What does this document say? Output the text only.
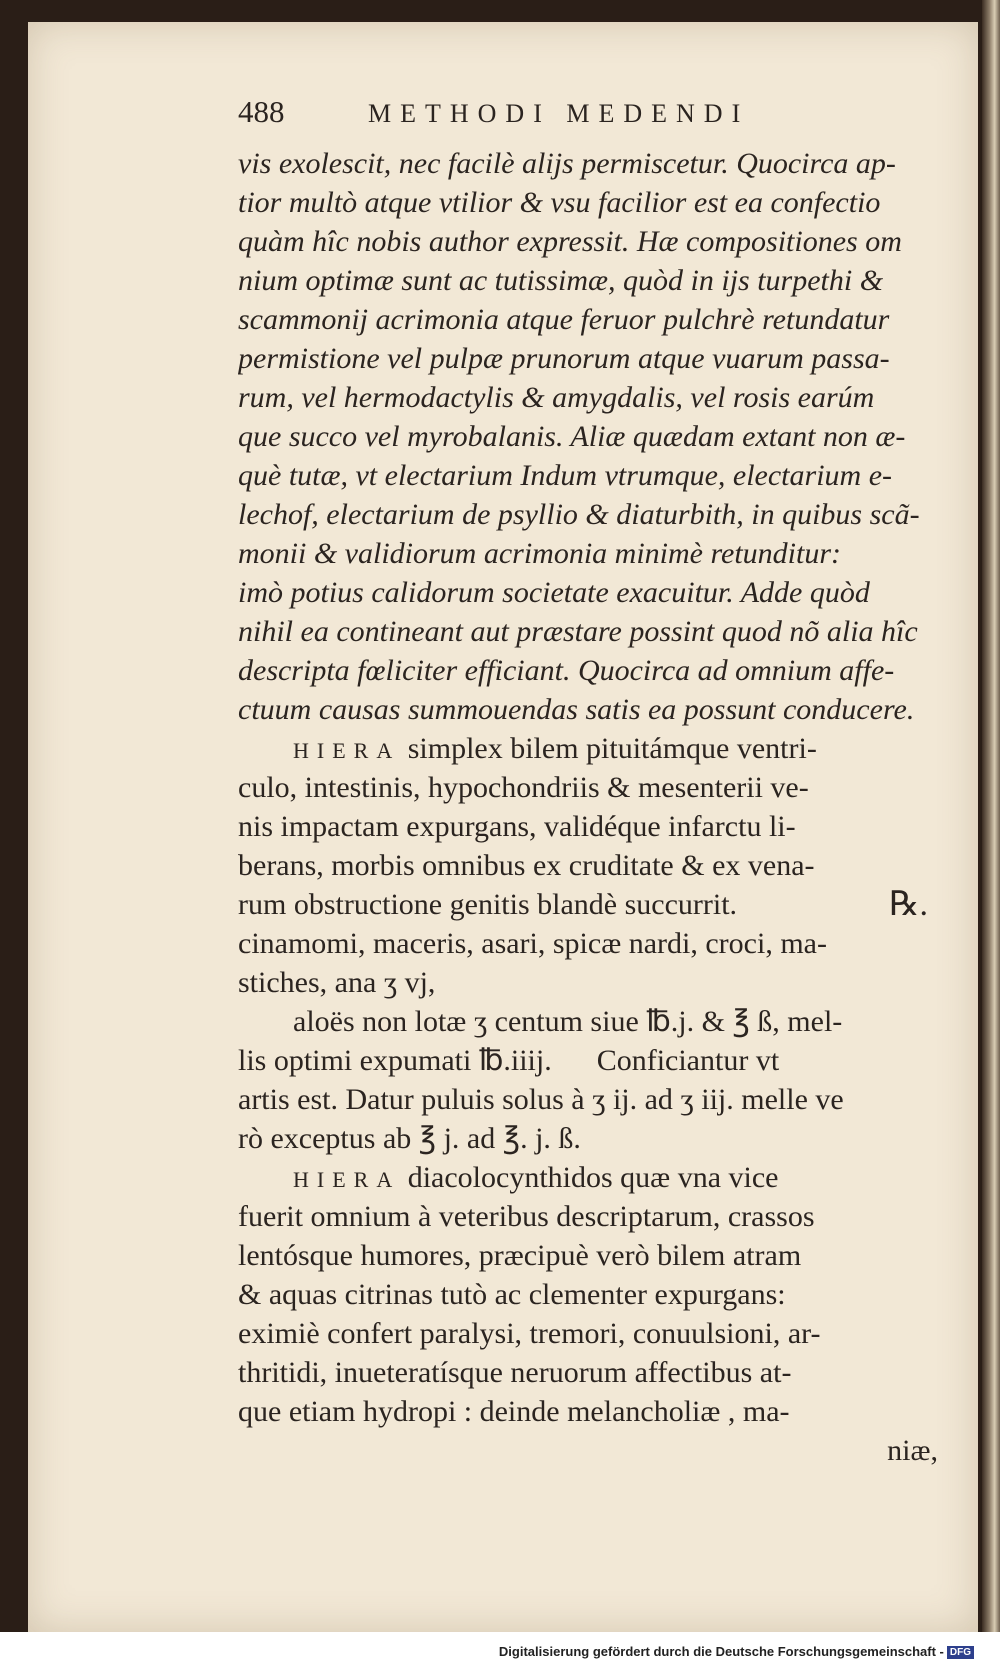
488	METHODI MEDENDI
vis exolescit, nec facilè alijs permiscetur. Quocirca ap-
tior multò atque vtilior & vsu facilior est ea confectio
quàm hîc nobis author expressit. Hæ compositiones om
nium optimæ sunt ac tutissimæ, quòd in ijs turpethi &
scammonij acrimonia atque feruor pulchrè retundatur
permistione vel pulpæ prunorum atque vuarum passa-
rum, vel hermodactylis & amygdalis, vel rosis earúm
que succo vel myrobalanis. Aliæ quædam extant non æ-
què tutæ, vt electarium Indum vtrumque, electarium e-
lechof, electarium de psyllio & diaturbith, in quibus scã-
monii & validiorum acrimonia minimè retunditur:
imò potius calidorum societate exacuitur. Adde quòd
nihil ea contineant aut præstare possint quod nõ alia hîc
descripta fœliciter efficiant. Quocirca ad omnium affe-
ctuum causas summouendas satis ea possunt conducere.
HIERA simplex bilem pituitámque ventri-
culo, intestinis, hypochondriis & mesenterii ve-
nis impactam expurgans, validéque infarctu li-
berans, morbis omnibus ex cruditate & ex vena-
rum obstructione genitis blandè succurrit.	℞.
cinamomi, maceris, asari, spicæ nardi, croci, ma-
stiches, ana ʒ vj,
aloës non lotæ ʒ centum siue ℔.j. & ℥ ß, mel-
lis optimi expumati ℔.iiij.      Conficiantur vt
artis est. Datur puluis solus à ʒ ij. ad ʒ iij. melle ve
rò exceptus ab ℥ j. ad ℥. j. ß.
HIERA diacolocynthidos quæ vna vice
fuerit omnium à veteribus descriptarum, crassos
lentósque humores, præcipuè verò bilem atram
& aquas citrinas tutò ac clementer expurgans:
eximiè confert paralysi, tremori, conuulsioni, ar-
thritidi, inueteratísque neruorum affectibus at-
que etiam hydropi : deinde melancholiæ , ma-
niæ,
Digitalisierung gefördert durch die Deutsche Forschungsgemeinschaft - DFG
